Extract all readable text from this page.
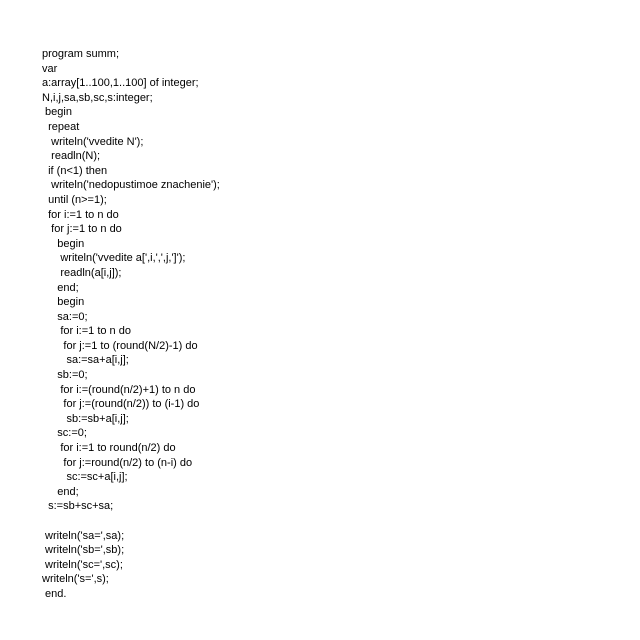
program summ;
var
a:array[1..100,1..100] of integer;
N,i,j,sa,sb,sc,s:integer;
begin
repeat
writeln('vvedite N');
readln(N);
if (n<1) then
writeln('nedopustimoe znachenie');
until (n>=1);
for i:=1 to n do
for j:=1 to n do
begin
writeln('vvedite a[',i,',',j,']');
readln(a[i,j]);
end;
begin
sa:=0;
for i:=1 to n do
for j:=1 to (round(N/2)-1) do
sa:=sa+a[i,j];
sb:=0;
for i:=(round(n/2)+1) to n do
for j:=(round(n/2)) to (i-1) do
sb:=sb+a[i,j];
sc:=0;
for i:=1 to round(n/2) do
for j:=round(n/2) to (n-i) do
sc:=sc+a[i,j];
end;
s:=sb+sc+sa;
writeln('sa=',sa);
writeln('sb=',sb);
writeln('sc=',sc);
writeln('s=',s);
end.
